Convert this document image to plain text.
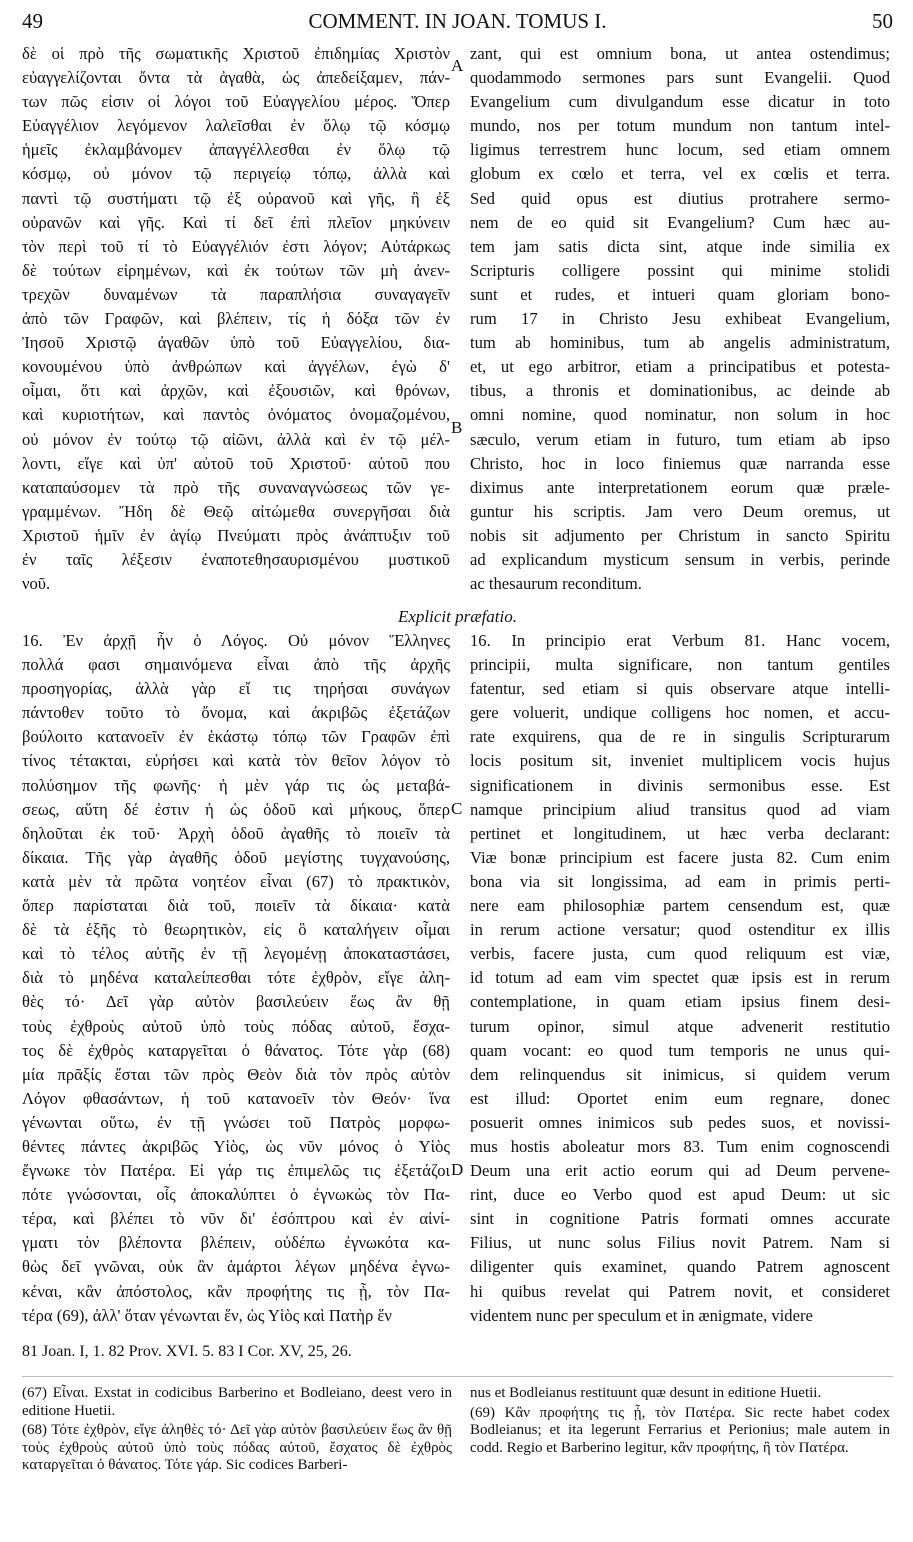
49	COMMENT. IN JOAN. TOMUS I.	50
δὲ οἱ πρὸ τῆς σωματικῆς Χριστοῦ ἐπιδημίας Χριστὸν
εὐαγγελίζονται ὄντα τὰ ἀγαθὰ, ὡς ἀπεδείξαμεν, πάν-
των πῶς εἰσιν οἱ λόγοι τοῦ Εὐαγγελίου μέρος. Ὅπερ
Εὐαγγέλιον λεγόμενον λαλεῖσθαι ἐν ὅλῳ τῷ κόσμῳ
ἡμεῖς ἐκλαμβάνομεν ἀπαγγέλλεσθαι ἐν ὅλῳ τῷ
κόσμῳ, οὐ μόνον τῷ περιγείῳ τόπῳ, ἀλλὰ καὶ
παντὶ τῷ συστήματι τῷ ἐξ οὐρανοῦ καὶ γῆς, ἢ ἐξ
οὐρανῶν καὶ γῆς. Καὶ τί δεῖ ἐπὶ πλεῖον μηκύνειν
τὸν περὶ τοῦ τί τὸ Εὐαγγέλιόν ἐστι λόγον; Αὐτάρκως
δὲ τούτων εἰρημένων, καὶ ἐκ τούτων τῶν μὴ ἀνεν-
τρεχῶν δυναμένων τὰ παραπλήσια συναγαγεῖν
ἀπὸ τῶν Γραφῶν, καὶ βλέπειν, τίς ἡ δόξα τῶν ἐν
Ἰησοῦ Χριστῷ ἀγαθῶν ὑπὸ τοῦ Εὐαγγελίου, δια-
κονουμένου ὑπὸ ἀνθρώπων καὶ ἀγγέλων, ἐγὼ δ'
οἶμαι, ὅτι καὶ ἀρχῶν, καὶ ἐξουσιῶν, καὶ θρόνων,
καὶ κυριοτήτων, καὶ παντὸς ὀνόματος ὀνομαζομένου,
οὐ μόνον ἐν τούτῳ τῷ αἰῶνι, ἀλλὰ καὶ ἐν τῷ μέλ-
λοντι, εἴγε καὶ ὑπ' αὐτοῦ τοῦ Χριστοῦ· αὐτοῦ που
καταπαύσομεν τὰ πρὸ τῆς συναναγνώσεως τῶν γε-
γραμμένων. Ἤδη δὲ Θεῷ αἰτώμεθα συνεργῆσαι διὰ
Χριστοῦ ἡμῖν ἐν ἁγίῳ Πνεύματι πρὸς ἀνάπτυξιν τοῦ
ἐν ταῖς λέξεσιν ἐναποτεθησαυρισμένου μυστικοῦ
νοῦ.
zant, qui est omnium bona, ut antea ostendimus;
quodammodo sermones pars sunt Evangelii. Quod
Evangelium cum divulgandum esse dicatur in toto
mundo, nos per totum mundum non tantum intel-
ligimus terrestrem hunc locum, sed etiam omnem
globum ex cœlo et terra, vel ex cœlis et terra.
Sed quid opus est diutius protrahere sermo-
nem de eo quid sit Evangelium? Cum hæc au-
tem jam satis dicta sint, atque inde similia ex
Scripturis colligere possint qui minime stolidi
sunt et rudes, et intueri quam gloriam bono-
rum 17 in Christo Jesu exhibeat Evangelium,
tum ab hominibus, tum ab angelis administratum,
et, ut ego arbitror, etiam a principatibus et potesta-
tibus, a thronis et dominationibus, ac deinde ab
omni nomine, quod nominatur, non solum in hoc
sæculo, verum etiam in futuro, tum etiam ab ipso
Christo, hoc in loco finiemus quæ narranda esse
diximus ante interpretationem eorum quæ præle-
guntur his scriptis. Jam vero Deum oremus, ut
nobis sit adjumento per Christum in sancto Spiritu
ad explicandum mysticum sensum in verbis, perinde
ac thesaurum reconditum.
Explicit præfatio.
16. Ἐν ἀρχῇ ἦν ὁ Λόγος. Οὐ μόνον Ἕλληνες
πολλά φασι σημαινόμενα εἶναι ἀπὸ τῆς ἀρχῆς
προσηγορίας, ἀλλὰ γὰρ εἴ τις τηρήσαι συνάγων
πάντοθεν τοῦτο τὸ ὄνομα, καὶ ἀκριβῶς ἐξετάζων
βούλοιτο κατανοεῖν ἐν ἑκάστῳ τόπῳ τῶν Γραφῶν ἐπὶ
τίνος τέτακται, εὑρήσει καὶ κατὰ τὸν θεῖον λόγον τὸ
πολύσημον τῆς φωνῆς· ἡ μὲν γάρ τις ὡς μεταβά-
σεως, αὕτη δέ ἐστιν ἡ ὡς ὁδοῦ καὶ μήκους, ὅπερ
δηλοῦται ἐκ τοῦ· Ἀρχὴ ὁδοῦ ἀγαθῆς τὸ ποιεῖν τὰ
δίκαια. Τῆς γὰρ ἀγαθῆς ὁδοῦ μεγίστης τυγχανούσης,
κατὰ μὲν τὰ πρῶτα νοητέον εἶναι (67) τὸ πρακτικὸν,
ὅπερ παρίσταται διὰ τοῦ, ποιεῖν τὰ δίκαια· κατὰ
δὲ τὰ ἑξῆς τὸ θεωρητικὸν, εἰς ὃ καταλήγειν οἶμαι
καὶ τὸ τέλος αὐτῆς ἐν τῇ λεγομένῃ ἀποκαταστάσει,
διὰ τὸ μηδένα καταλείπεσθαι τότε ἐχθρὸν, εἴγε ἀλη-
θὲς τό· Δεῖ γὰρ αὐτὸν βασιλεύειν ἕως ἂν θῇ
τοὺς ἐχθροὺς αὐτοῦ ὑπὸ τοὺς πόδας αὐτοῦ, ἔσχα-
τος δὲ ἐχθρὸς καταργεῖται ὁ θάνατος. Τότε γὰρ (68)
μία πρᾶξίς ἔσται τῶν πρὸς Θεὸν διὰ τὸν πρὸς αὐτὸν
Λόγον φθασάντων, ἡ τοῦ κατανοεῖν τὸν Θεόν· ἵνα
γένωνται οὕτω, ἐν τῇ γνώσει τοῦ Πατρὸς μορφω-
θέντες πάντες ἀκριβῶς Υἱὸς, ὡς νῦν μόνος ὁ Υἱὸς
ἔγνωκε τὸν Πατέρα. Εἰ γάρ τις ἐπιμελῶς τις ἐξετάζοι
πότε γνώσονται, οἷς ἀποκαλύπτει ὁ ἐγνωκὼς τὸν Πα-
τέρα, καὶ βλέπει τὸ νῦν δι' ἐσόπτρου καὶ ἐν αἰνί-
γματι τὸν βλέποντα βλέπειν, οὐδέπω ἐγνωκότα κα-
θὼς δεῖ γνῶναι, οὐκ ἂν ἁμάρτοι λέγων μηδένα ἐγνω-
κέναι, κἂν ἀπόστολος, κἂν προφήτης τις ᾖ, τὸν Πα-
τέρα (69), ἀλλ' ὅταν γένωνται ἕν, ὡς Υἱὸς καὶ Πατὴρ ἕν
16. In principio erat Verbum 81. Hanc vocem,
principii, multa significare, non tantum gentiles
fatentur, sed etiam si quis observare atque intelli-
gere voluerit, undique colligens hoc nomen, et accu-
rate exquirens, qua de re in singulis Scripturarum
locis positum sit, inveniet multiplicem vocis hujus
significationem in divinis sermonibus esse. Est
namque principium aliud transitus quod ad viam
pertinet et longitudinem, ut hæc verba declarant:
Viæ bonæ principium est facere justa 82. Cum enim
bona via sit longissima, ad eam in primis perti-
nere eam philosophiæ partem censendum est, quæ
in rerum actione versatur; quod ostenditur ex illis
verbis, facere justa, cum quod reliquum est viæ,
id totum ad eam vim spectet quæ ipsis est in rerum
contemplatione, in quam etiam ipsius finem desi-
turum opinor, simul atque advenerit restitutio
quam vocant: eo quod tum temporis ne unus qui-
dem relinquendus sit inimicus, si quidem verum
est illud: Oportet enim eum regnare, donec
posuerit omnes inimicos sub pedes suos, et novissi-
mus hostis aboleatur mors 83. Tum enim cognoscendi
Deum una erit actio eorum qui ad Deum pervene-
rint, duce eo Verbo quod est apud Deum: ut sic
sint in cognitione Patris formati omnes accurate
Filius, ut nunc solus Filius novit Patrem. Nam si
diligenter quis examinet, quando Patrem agnoscent
hi quibus revelat qui Patrem novit, et consideret
videntem nunc per speculum et in ænigmate, videre
A
B
C
D
81 Joan. I, 1. 82 Prov. XVI. 5. 83 I Cor. XV, 25, 26.

(67) Εἶναι. Exstat in codicibus Barberino et Bodleiano, deest vero in editione Huetii.

(68) Τότε ἐχθρὸν, εἴγε ἀληθὲς τό· Δεῖ γὰρ αὐτὸν βασιλεύειν ἕως ἂν θῇ τοὺς ἐχθροὺς αὐτοῦ ὑπὸ τοὺς πόδας αὐτοῦ, ἔσχατος δὲ ἐχθρὸς καταργεῖται ὁ θάνατος. Τότε γάρ. Sic codices Barberi-

nus et Bodleianus restituunt quæ desunt in editione Huetii.

(69) Κἂν προφήτης τις ᾖ, τὸν Πατέρα. Sic recte habet codex Bodleianus; et ita legerunt Ferrarius et Perionius; male autem in codd. Regio et Barberino legitur, κἂν προφήτης, ἢ τὸν Πατέρα.
